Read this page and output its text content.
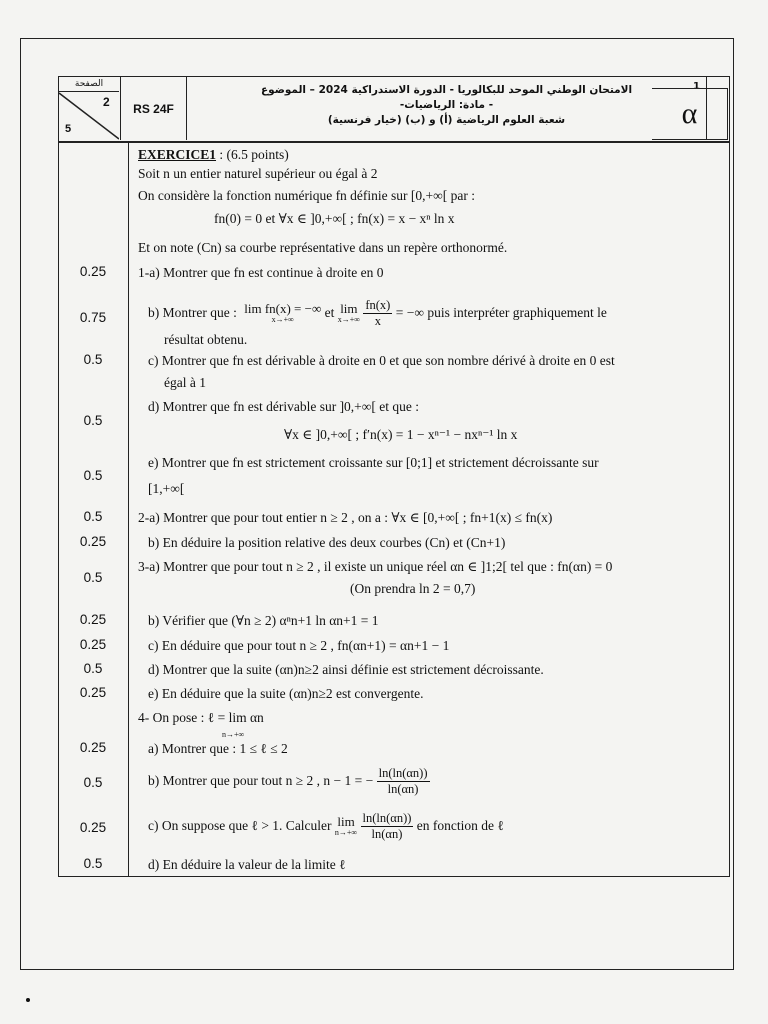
الصفحة
2
5
RS 24F
1
الامتحان الوطني الموحد للبكالوريا - الدورة الاستدراكية 2024 – الموضوع
- مادة: الرياضيات-
شعبة العلوم الرياضية (أ) و (ب) (خيار فرنسية)	α
EXERCICE1 : (6.5 points)
Soit n un entier naturel supérieur ou égal à 2
On considère la fonction numérique fn définie sur [0,+∞[ par :
fn(0) = 0 et ∀x ∈ ]0,+∞[ ; fn(x) = x − xⁿ ln x
Et on note (Cn) sa courbe représentative dans un repère orthonormé.
0.25
0.75
0.5
0.5
0.5
0.5
0.25
0.5
0.25
0.25
0.5
0.25
0.25
0.5
0.25
0.5
1-a) Montrer que fn est continue à droite en 0
b) Montrer que : lim fn(x) = −∞
x→+∞	et lim
x→+∞
$\frac{fn(x)}{x}$ = −∞ puis interpréter graphiquement le
résultat obtenu.
c) Montrer que fn est dérivable à droite en 0 et que son nombre dérivé à droite en 0 est
égal à 1
d) Montrer que fn est dérivable sur ]0,+∞[ et que :
∀x ∈ ]0,+∞[ ; f′n(x) = 1 − xⁿ⁻¹ − nxⁿ⁻¹ ln x
e) Montrer que fn est strictement croissante sur [0;1] et strictement décroissante sur
[1,+∞[
2-a) Montrer que pour tout entier n ≥ 2 , on a : ∀x ∈ [0,+∞[ ; fn+1(x) ≤ fn(x)
b) En déduire la position relative des deux courbes (Cn) et (Cn+1)
3-a) Montrer que pour tout n ≥ 2 , il existe un unique réel αn ∈ ]1;2[ tel que : fn(αn) = 0
(On prendra ln 2 = 0,7)
b) Vérifier que (∀n ≥ 2) αⁿn+1 ln αn+1 = 1
c) En déduire que pour tout n ≥ 2 , fn(αn+1) = αn+1 − 1
d) Montrer que la suite (αn)n≥2 ainsi définie est strictement décroissante.
e) En déduire que la suite (αn)n≥2 est convergente.
4- On pose : ℓ = lim αn
n→+∞
a) Montrer que : 1 ≤ ℓ ≤ 2
b) Montrer que pour tout n ≥ 2 , n − 1 = − $\frac{\ln(\ln(\alpha n))}{\ln(\alpha n)}$
c) On suppose que ℓ > 1. Calculer lim
n→+∞
$\frac{\ln(\ln(\alpha n))}{\ln(\alpha n)}$ en fonction de ℓ
d) En déduire la valeur de la limite ℓ
